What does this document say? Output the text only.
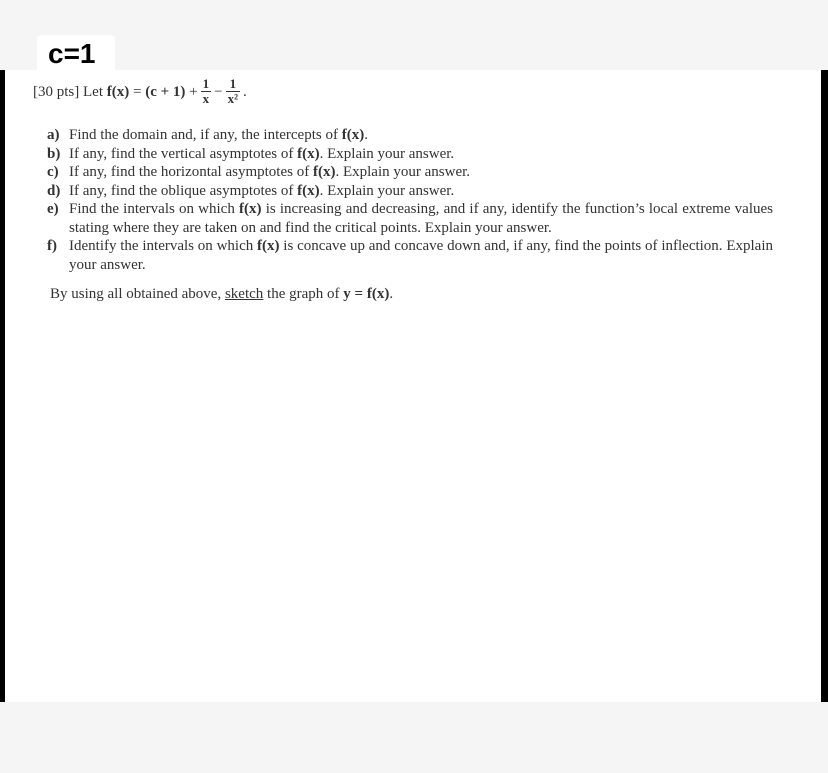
c=1
[30 pts] Let $f(x) = (c + 1) + \frac{1}{x} - \frac{1}{\text{x²}}$ .
a) Find the domain and, if any, the intercepts of f(x).
b) If any, find the vertical asymptotes of f(x). Explain your answer.
c) If any, find the horizontal asymptotes of f(x). Explain your answer.
d) If any, find the oblique asymptotes of f(x). Explain your answer.
e) Find the intervals on which f(x) is increasing and decreasing, and if any, identify the function’s local extreme values stating where they are taken on and find the critical points. Explain your answer.
f) Identify the intervals on which f(x) is concave up and concave down and, if any, find the points of inflection. Explain your answer.
By using all obtained above, sketch the graph of y = f(x).
